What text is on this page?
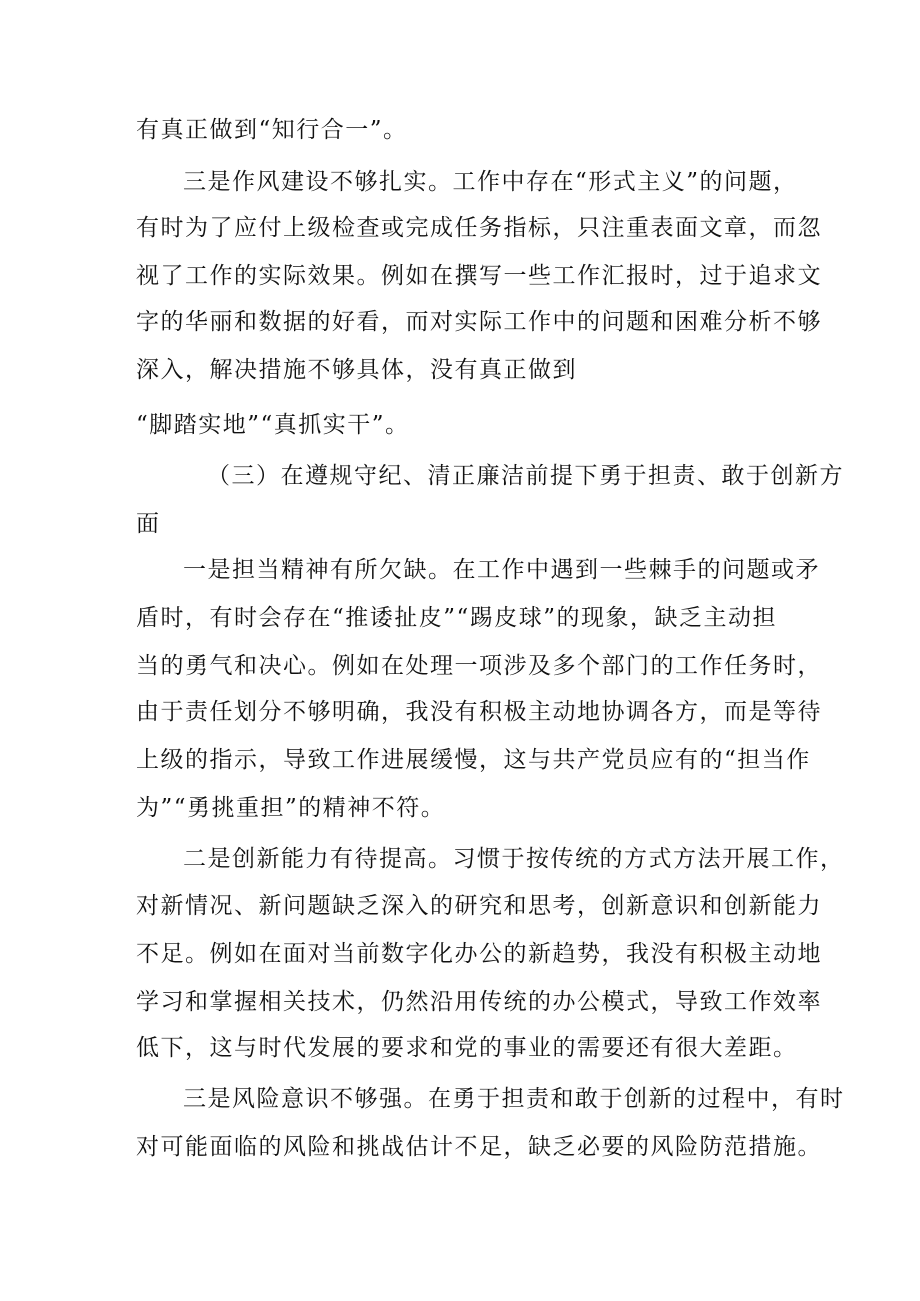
有真正做到“知行合一”。

三是作风建设不够扎实。工作中存在“形式主义”的问题，

有时为了应付上级检查或完成任务指标，只注重表面文章，而忽

视了工作的实际效果。例如在撰写一些工作汇报时，过于追求文

字的华丽和数据的好看，而对实际工作中的问题和困难分析不够

深入，解决措施不够具体，没有真正做到

“脚踏实地”“真抓实干”。

（三）在遵规守纪、清正廉洁前提下勇于担责、敢于创新方

面

一是担当精神有所欠缺。在工作中遇到一些棘手的问题或矛

盾时，有时会存在“推诿扯皮”“踢皮球”的现象，缺乏主动担

当的勇气和决心。例如在处理一项涉及多个部门的工作任务时，

由于责任划分不够明确，我没有积极主动地协调各方，而是等待

上级的指示，导致工作进展缓慢，这与共产党员应有的“担当作

为”“勇挑重担”的精神不符。

二是创新能力有待提高。习惯于按传统的方式方法开展工作，

对新情况、新问题缺乏深入的研究和思考，创新意识和创新能力

不足。例如在面对当前数字化办公的新趋势，我没有积极主动地

学习和掌握相关技术，仍然沿用传统的办公模式，导致工作效率

低下，这与时代发展的要求和党的事业的需要还有很大差距。

三是风险意识不够强。在勇于担责和敢于创新的过程中，有时

对可能面临的风险和挑战估计不足，缺乏必要的风险防范措施。
